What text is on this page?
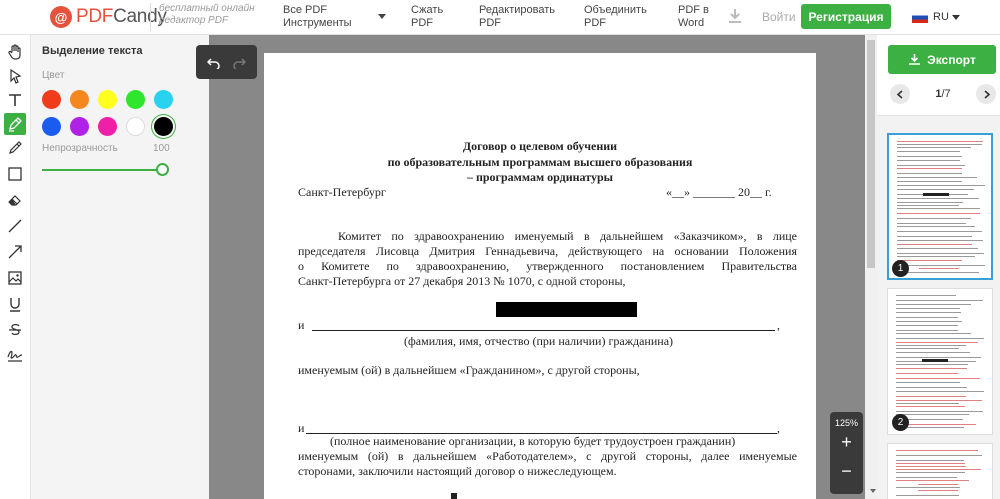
@ PDFCandy
бесплатный онлайн
редактор PDF
Все PDF
Инструменты
Сжать
PDF
Редактировать
PDF
Объединить
PDF
PDF в
Word	Войти	Регистрация	RU
Выделение текста
Цвет
Непрозрачность	100	Договор о целевом обучении
по образовательным программам высшего образования
– программам ординатуры
Санкт-Петербург	«__» _______ 20__ г.
Комитет по здравоохранению именуемый в дальнейшем «Заказчиком», в лице
председателя Лисовца Дмитрия Геннадьевича, действующего на основании Положения
о Комитете по здравоохранению, утвержденного постановлением Правительства
Санкт-Петербурга от 27 декабря 2013 № 1070, с одной стороны,
и	,
(фамилия, имя, отчество (при наличии) гражданина)
именуемым (ой) в дальнейшем «Гражданином», с другой стороны,
и	,
(полное наименование организации, в которую будет трудоустроен гражданин)
именуемым (ой) в дальнейшем «Работодателем», с другой стороны, далее именуемые
сторонами, заключили настоящий договор о нижеследующем.
125%
+
−
Экспорт
1/7
1
2
